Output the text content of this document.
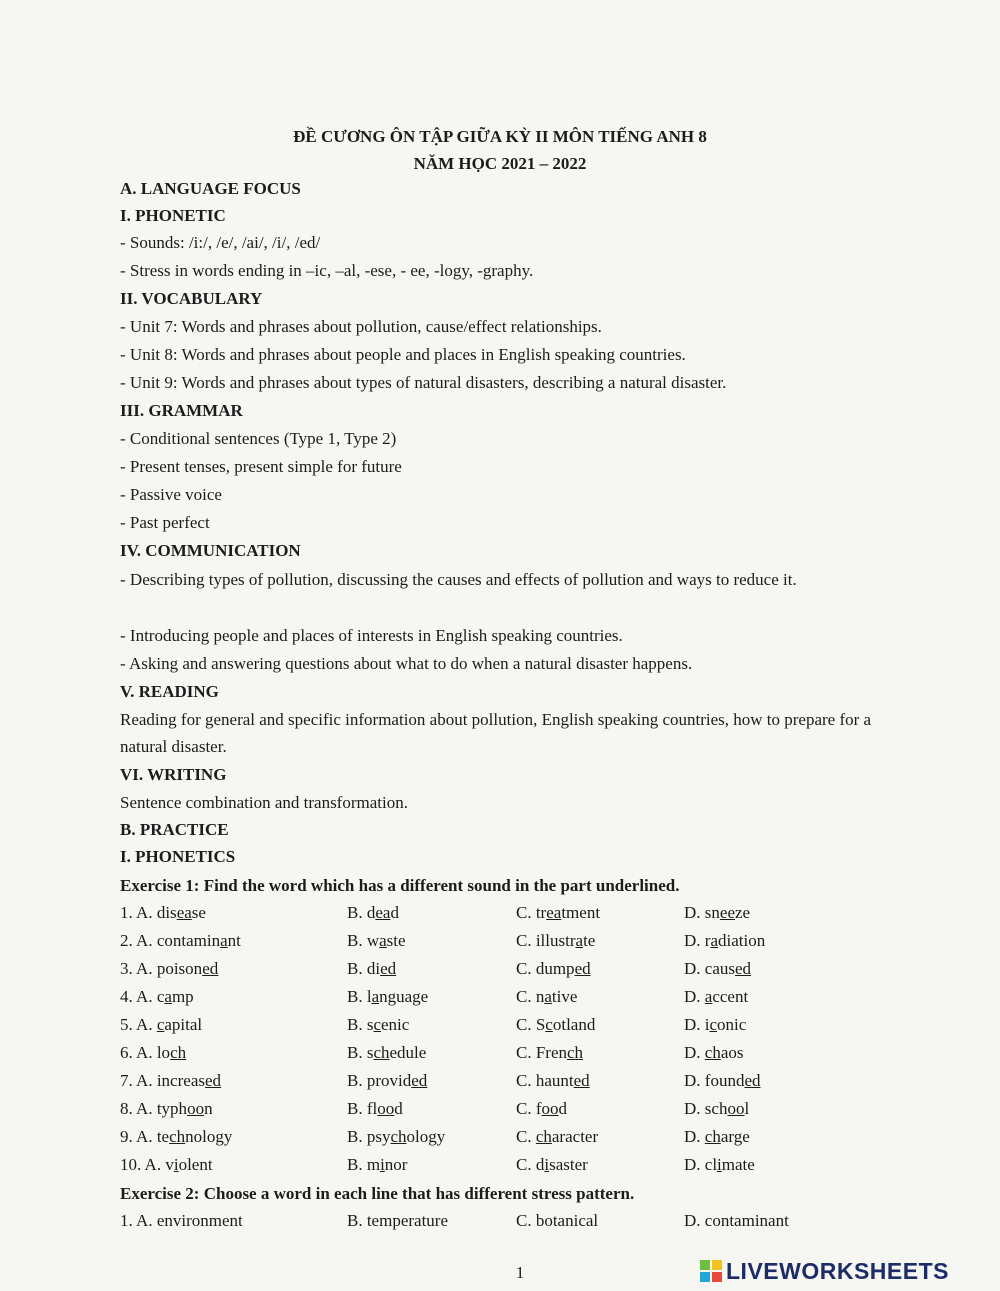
ĐỀ CƯƠNG ÔN TẬP GIỮA KỲ II MÔN TIẾNG ANH 8
NĂM HỌC 2021 – 2022
A. LANGUAGE FOCUS
I. PHONETIC
- Sounds: /i:/, /e/, /ai/, /i/, /ed/
- Stress in words ending in –ic, –al, -ese, - ee, -logy, -graphy.
II. VOCABULARY
- Unit 7: Words and phrases about pollution, cause/effect relationships.
- Unit 8: Words and phrases about people and places in English speaking countries.
- Unit 9: Words and phrases about types of natural disasters, describing a natural disaster.
III. GRAMMAR
- Conditional sentences (Type 1, Type 2)
- Present tenses, present simple for future
- Passive voice
- Past perfect
IV. COMMUNICATION
- Describing types of pollution, discussing the causes and effects of pollution and ways to reduce it.
- Introducing people and places of interests in English speaking countries.
- Asking and answering questions about what to do when a natural disaster happens.
V. READING
Reading for general and specific information about pollution, English speaking countries, how to prepare for a natural disaster.
VI. WRITING
Sentence combination and transformation.
B. PRACTICE
I. PHONETICS
Exercise 1: Find the word which has a different sound in the part underlined.
1. A. disease	B. dead	C. treatment	D. sneeze
2. A. contaminant	B. waste	C. illustrate	D. radiation
3. A. poisoned	B. died	C. dumped	D. caused
4. A. camp	B. language	C. native	D. accent
5. A. capital	B. scenic	C. Scotland	D. iconic
6. A. loch	B. schedule	C. French	D. chaos
7. A. increased	B. provided	C. haunted	D. founded
8. A. typhoon	B. flood	C. food	D. school
9. A. technology	B. psychology	C. character	D. charge
10. A. violent	B. minor	C. disaster	D. climate
Exercise 2: Choose a word in each line that has different stress pattern.
1. A. environment	B. temperature	C. botanical	D. contaminant
1	LIVEWORKSHEETS
